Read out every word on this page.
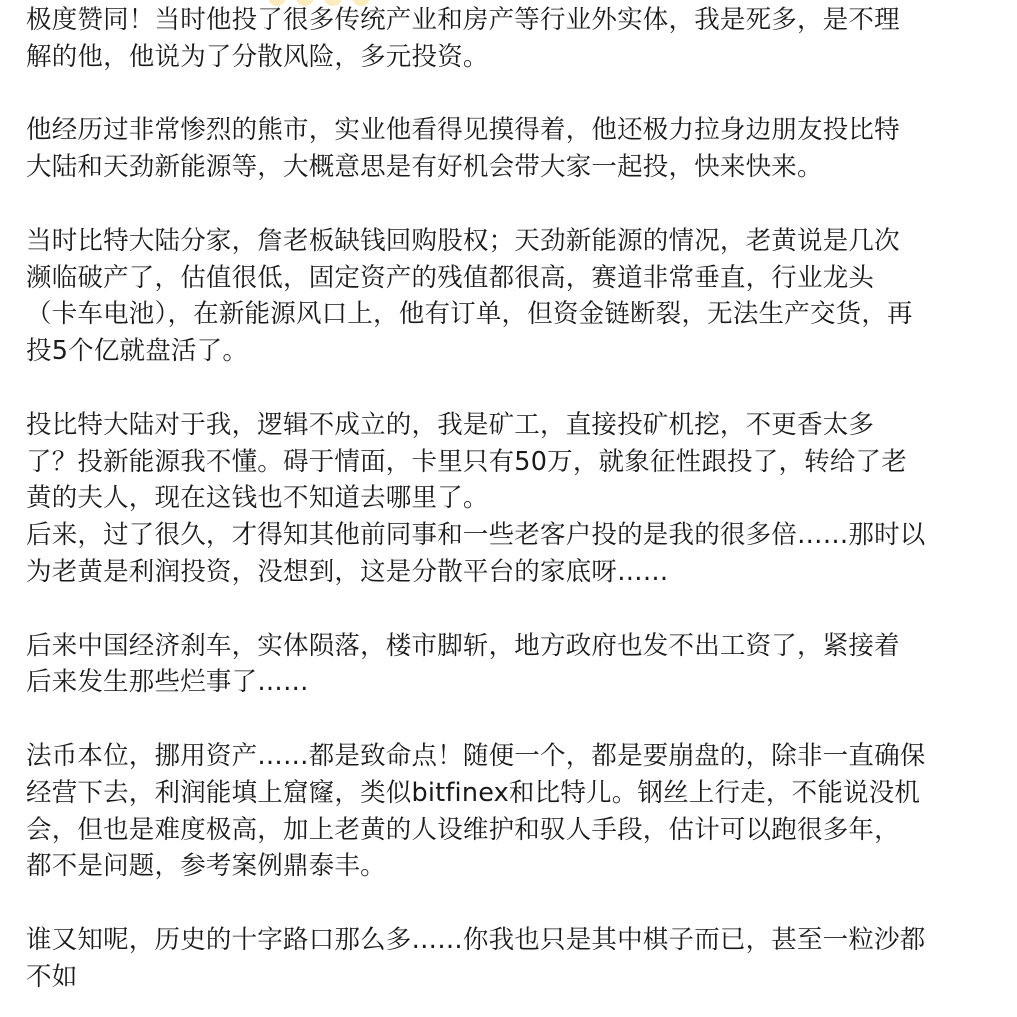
极度赞同！当时他投了很多传统产业和房产等行业外实体，我是死多，是不理
解的他，他说为了分散风险，多元投资。

他经历过非常惨烈的熊市，实业他看得见摸得着，他还极力拉身边朋友投比特
大陆和天劲新能源等，大概意思是有好机会带大家一起投，快来快来。

当时比特大陆分家，詹老板缺钱回购股权；天劲新能源的情况，老黄说是几次
濒临破产了，估值很低，固定资产的残值都很高，赛道非常垂直，行业龙头
（卡车电池），在新能源风口上，他有订单，但资金链断裂，无法生产交货，再
投5个亿就盘活了。

投比特大陆对于我，逻辑不成立的，我是矿工，直接投矿机挖，不更香太多
了？投新能源我不懂。碍于情面，卡里只有50万，就象征性跟投了，转给了老
黄的夫人，现在这钱也不知道去哪里了。

后来，过了很久，才得知其他前同事和一些老客户投的是我的很多倍……那时以
为老黄是利润投资，没想到，这是分散平台的家底呀……

后来中国经济刹车，实体陨落，楼市脚斩，地方政府也发不出工资了，紧接着
后来发生那些烂事了……

法币本位，挪用资产……都是致命点！随便一个，都是要崩盘的，除非一直确保
经营下去，利润能填上窟窿，类似bitfinex和比特儿。钢丝上行走，不能说没机
会，但也是难度极高，加上老黄的人设维护和驭人手段，估计可以跑很多年，
都不是问题，参考案例鼎泰丰。

谁又知呢，历史的十字路口那么多……你我也只是其中棋子而已，甚至一粒沙都
不如
